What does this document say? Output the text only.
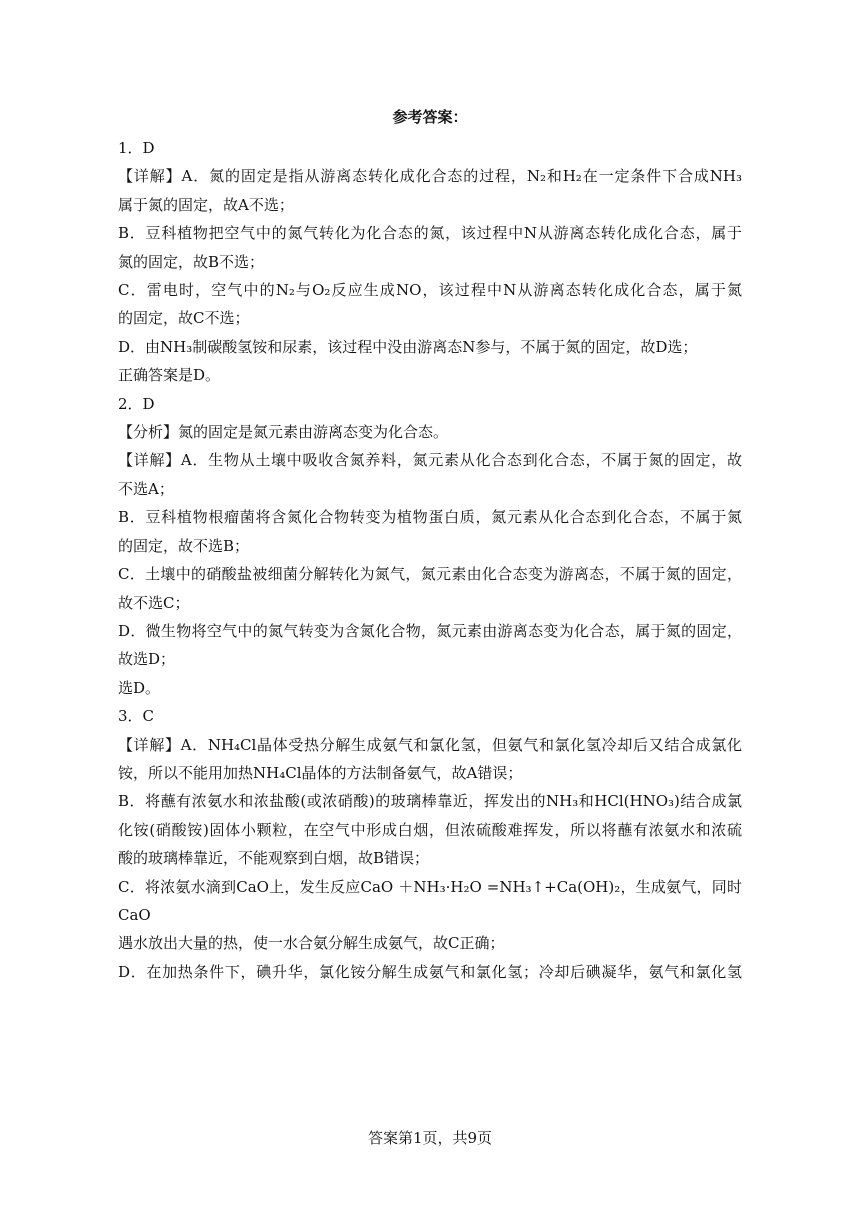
参考答案：
1．D
【详解】A．氮的固定是指从游离态转化成化合态的过程，N₂和H₂在一定条件下合成NH₃
属于氮的固定，故A不选；
B．豆科植物把空气中的氮气转化为化合态的氮，该过程中N从游离态转化成化合态，属于
氮的固定，故B不选；
C．雷电时，空气中的N₂与O₂反应生成NO，该过程中N从游离态转化成化合态，属于氮
的固定，故C不选；
D．由NH₃制碳酸氢铵和尿素，该过程中没由游离态N参与，不属于氮的固定，故D选；
正确答案是D。
2．D
【分析】氮的固定是氮元素由游离态变为化合态。
【详解】A．生物从土壤中吸收含氮养料，氮元素从化合态到化合态，不属于氮的固定，故
不选A；
B．豆科植物根瘤菌将含氮化合物转变为植物蛋白质，氮元素从化合态到化合态，不属于氮
的固定，故不选B；
C．土壤中的硝酸盐被细菌分解转化为氮气，氮元素由化合态变为游离态，不属于氮的固定，
故不选C；
D．微生物将空气中的氮气转变为含氮化合物，氮元素由游离态变为化合态，属于氮的固定，
故选D；
选D。
3．C
【详解】A．NH₄Cl晶体受热分解生成氨气和氯化氢，但氨气和氯化氢冷却后又结合成氯化
铵，所以不能用加热NH₄Cl晶体的方法制备氨气，故A错误；
B．将蘸有浓氨水和浓盐酸(或浓硝酸)的玻璃棒靠近，挥发出的NH₃和HCl(HNO₃)结合成氯
化铵(硝酸铵)固体小颗粒，在空气中形成白烟，但浓硫酸难挥发，所以将蘸有浓氨水和浓硫
酸的玻璃棒靠近，不能观察到白烟，故B错误；
C．将浓氨水滴到CaO上，发生反应CaO ＋NH₃·H₂O =NH₃↑+Ca(OH)₂，生成氨气，同时CaO
遇水放出大量的热，使一水合氨分解生成氨气，故C正确；
D．在加热条件下，碘升华，氯化铵分解生成氨气和氯化氢；冷却后碘凝华，氨气和氯化氢
答案第1页，共9页
